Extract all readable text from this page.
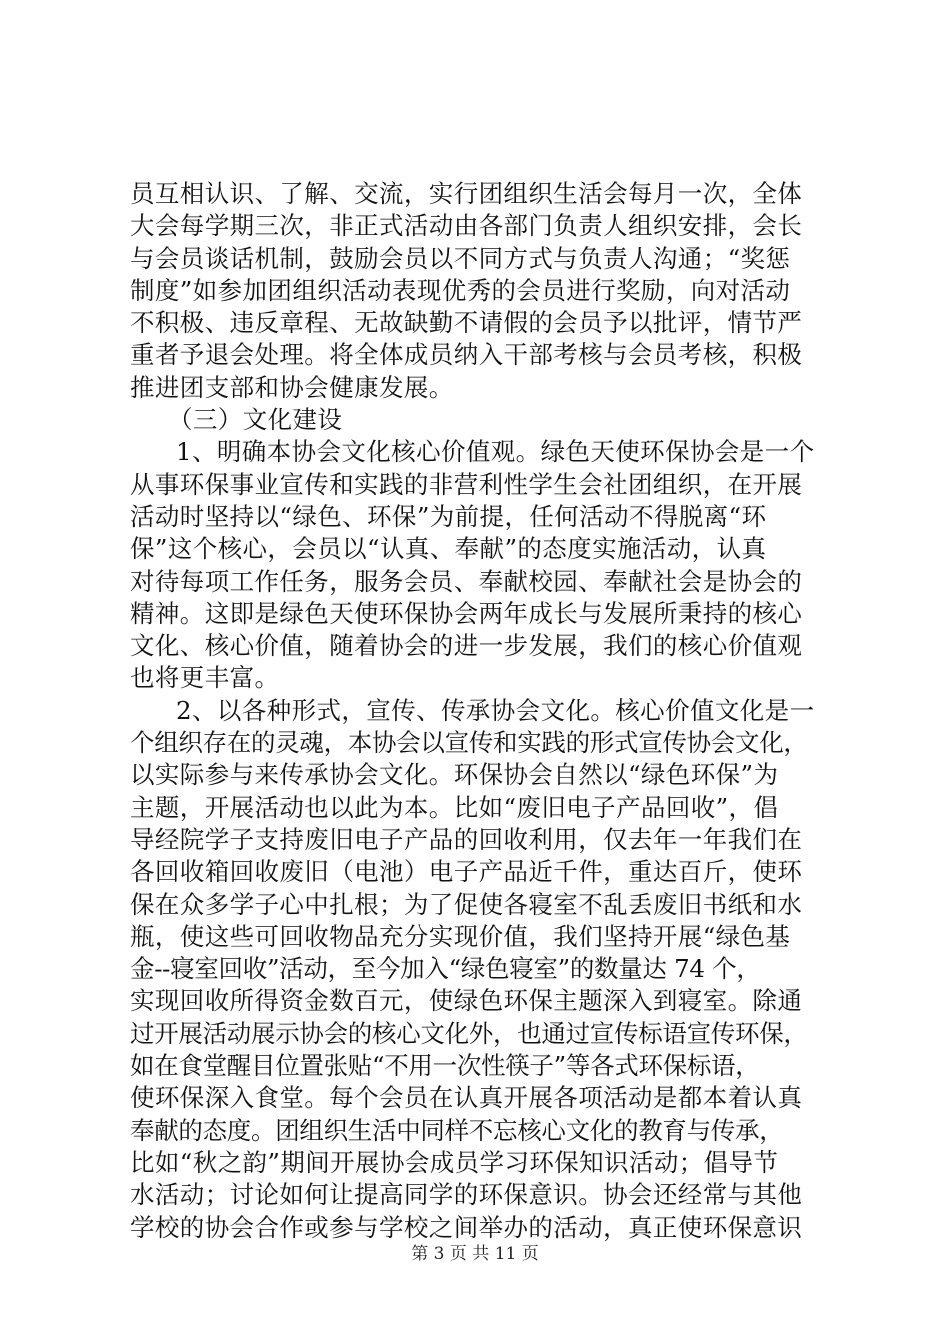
员互相认识、了解、交流，实行团组织生活会每月一次，全体
大会每学期三次，非正式活动由各部门负责人组织安排，会长
与会员谈话机制，鼓励会员以不同方式与负责人沟通；“奖惩
制度”如参加团组织活动表现优秀的会员进行奖励，向对活动
不积极、违反章程、无故缺勤不请假的会员予以批评，情节严
重者予退会处理。将全体成员纳入干部考核与会员考核，积极
推进团支部和协会健康发展。
（三）文化建设
1、明确本协会文化核心价值观。绿色天使环保协会是一个
从事环保事业宣传和实践的非营利性学生会社团组织，在开展
活动时坚持以“绿色、环保”为前提，任何活动不得脱离“环
保”这个核心，会员以“认真、奉献”的态度实施活动，认真
对待每项工作任务，服务会员、奉献校园、奉献社会是协会的
精神。这即是绿色天使环保协会两年成长与发展所秉持的核心
文化、核心价值，随着协会的进一步发展，我们的核心价值观
也将更丰富。
2、以各种形式，宣传、传承协会文化。核心价值文化是一
个组织存在的灵魂，本协会以宣传和实践的形式宣传协会文化，
以实际参与来传承协会文化。环保协会自然以“绿色环保”为
主题，开展活动也以此为本。比如“废旧电子产品回收”，倡
导经院学子支持废旧电子产品的回收利用，仅去年一年我们在
各回收箱回收废旧（电池）电子产品近千件，重达百斤，使环
保在众多学子心中扎根；为了促使各寝室不乱丢废旧书纸和水
瓶，使这些可回收物品充分实现价值，我们坚持开展“绿色基
金--寝室回收”活动，至今加入“绿色寝室”的数量达 74 个，
实现回收所得资金数百元，使绿色环保主题深入到寝室。除通
过开展活动展示协会的核心文化外，也通过宣传标语宣传环保，
如在食堂醒目位置张贴“不用一次性筷子”等各式环保标语，
使环保深入食堂。每个会员在认真开展各项活动是都本着认真
奉献的态度。团组织生活中同样不忘核心文化的教育与传承，
比如“秋之韵”期间开展协会成员学习环保知识活动；倡导节
水活动；讨论如何让提高同学的环保意识。协会还经常与其他
学校的协会合作或参与学校之间举办的活动，真正使环保意识
第 3 页 共 11 页
